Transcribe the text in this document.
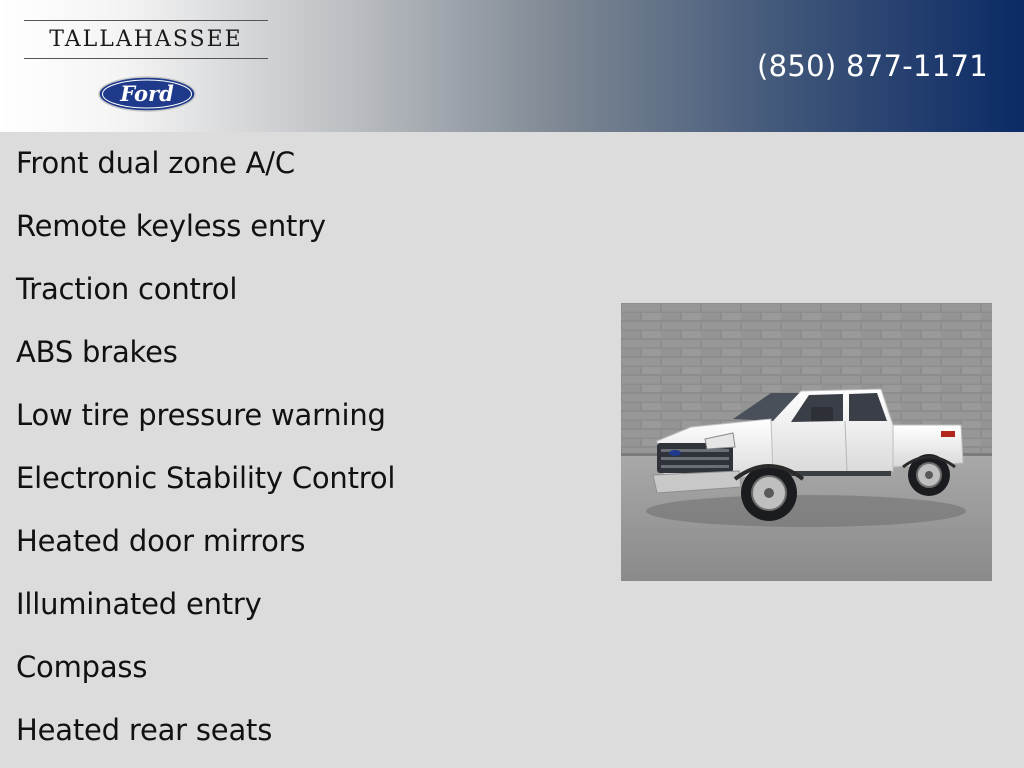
TALLAHASSEE
Ford
(850) 877-1171
Front dual zone A/C
Remote keyless entry
Traction control
ABS brakes
Low tire pressure warning
Electronic Stability Control
Heated door mirrors
Illuminated entry
Compass
Heated rear seats
